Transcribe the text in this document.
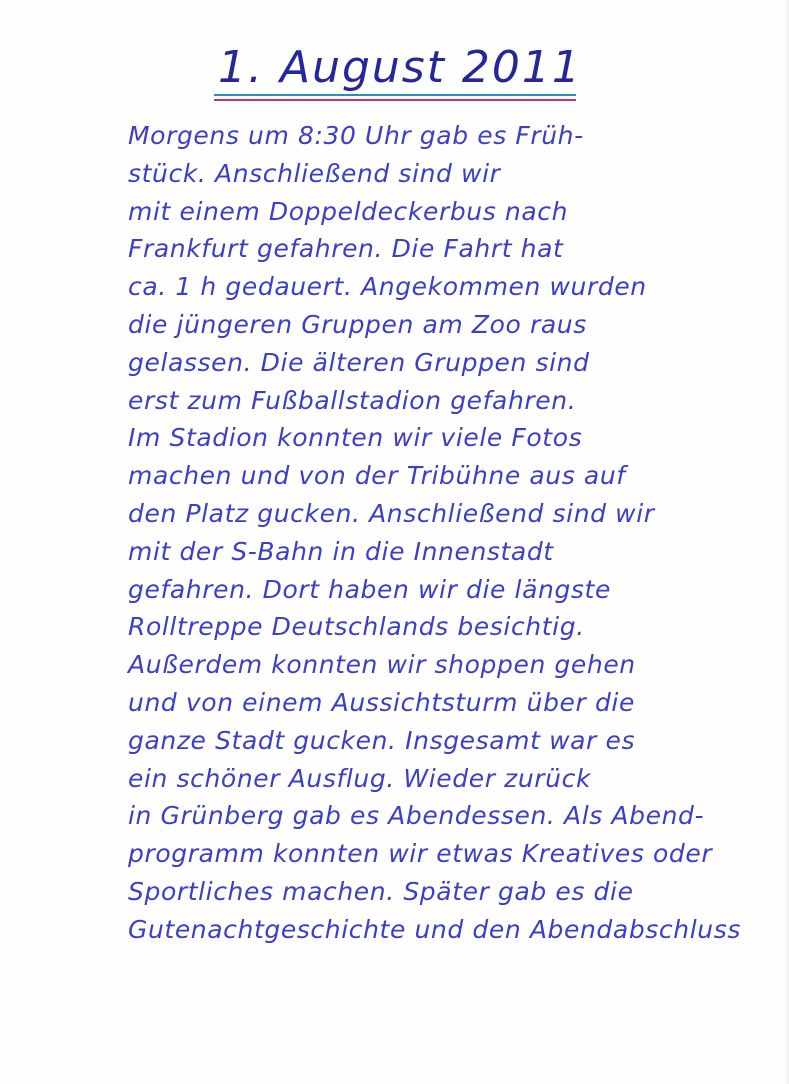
1. August 2011
Morgens um 8:30 Uhr gab es Früh-
stück. Anschließend sind wir
mit einem Doppeldeckerbus nach
Frankfurt gefahren. Die Fahrt hat
ca. 1 h gedauert. Angekommen wurden
die jüngeren Gruppen am Zoo raus
gelassen. Die älteren Gruppen sind
erst zum Fußballstadion gefahren.
Im Stadion konnten wir viele Fotos
machen und von der Tribühne aus auf
den Platz gucken. Anschließend sind wir
mit der S-Bahn in die Innenstadt
gefahren. Dort haben wir die längste
Rolltreppe Deutschlands besichtig.
Außerdem konnten wir shoppen gehen
und von einem Aussichtsturm über die
ganze Stadt gucken. Insgesamt war es
ein schöner Ausflug. Wieder zurück
in Grünberg gab es Abendessen. Als Abend-
programm konnten wir etwas Kreatives oder
Sportliches machen. Später gab es die
Gutenachtgeschichte und den Abendabschluss
